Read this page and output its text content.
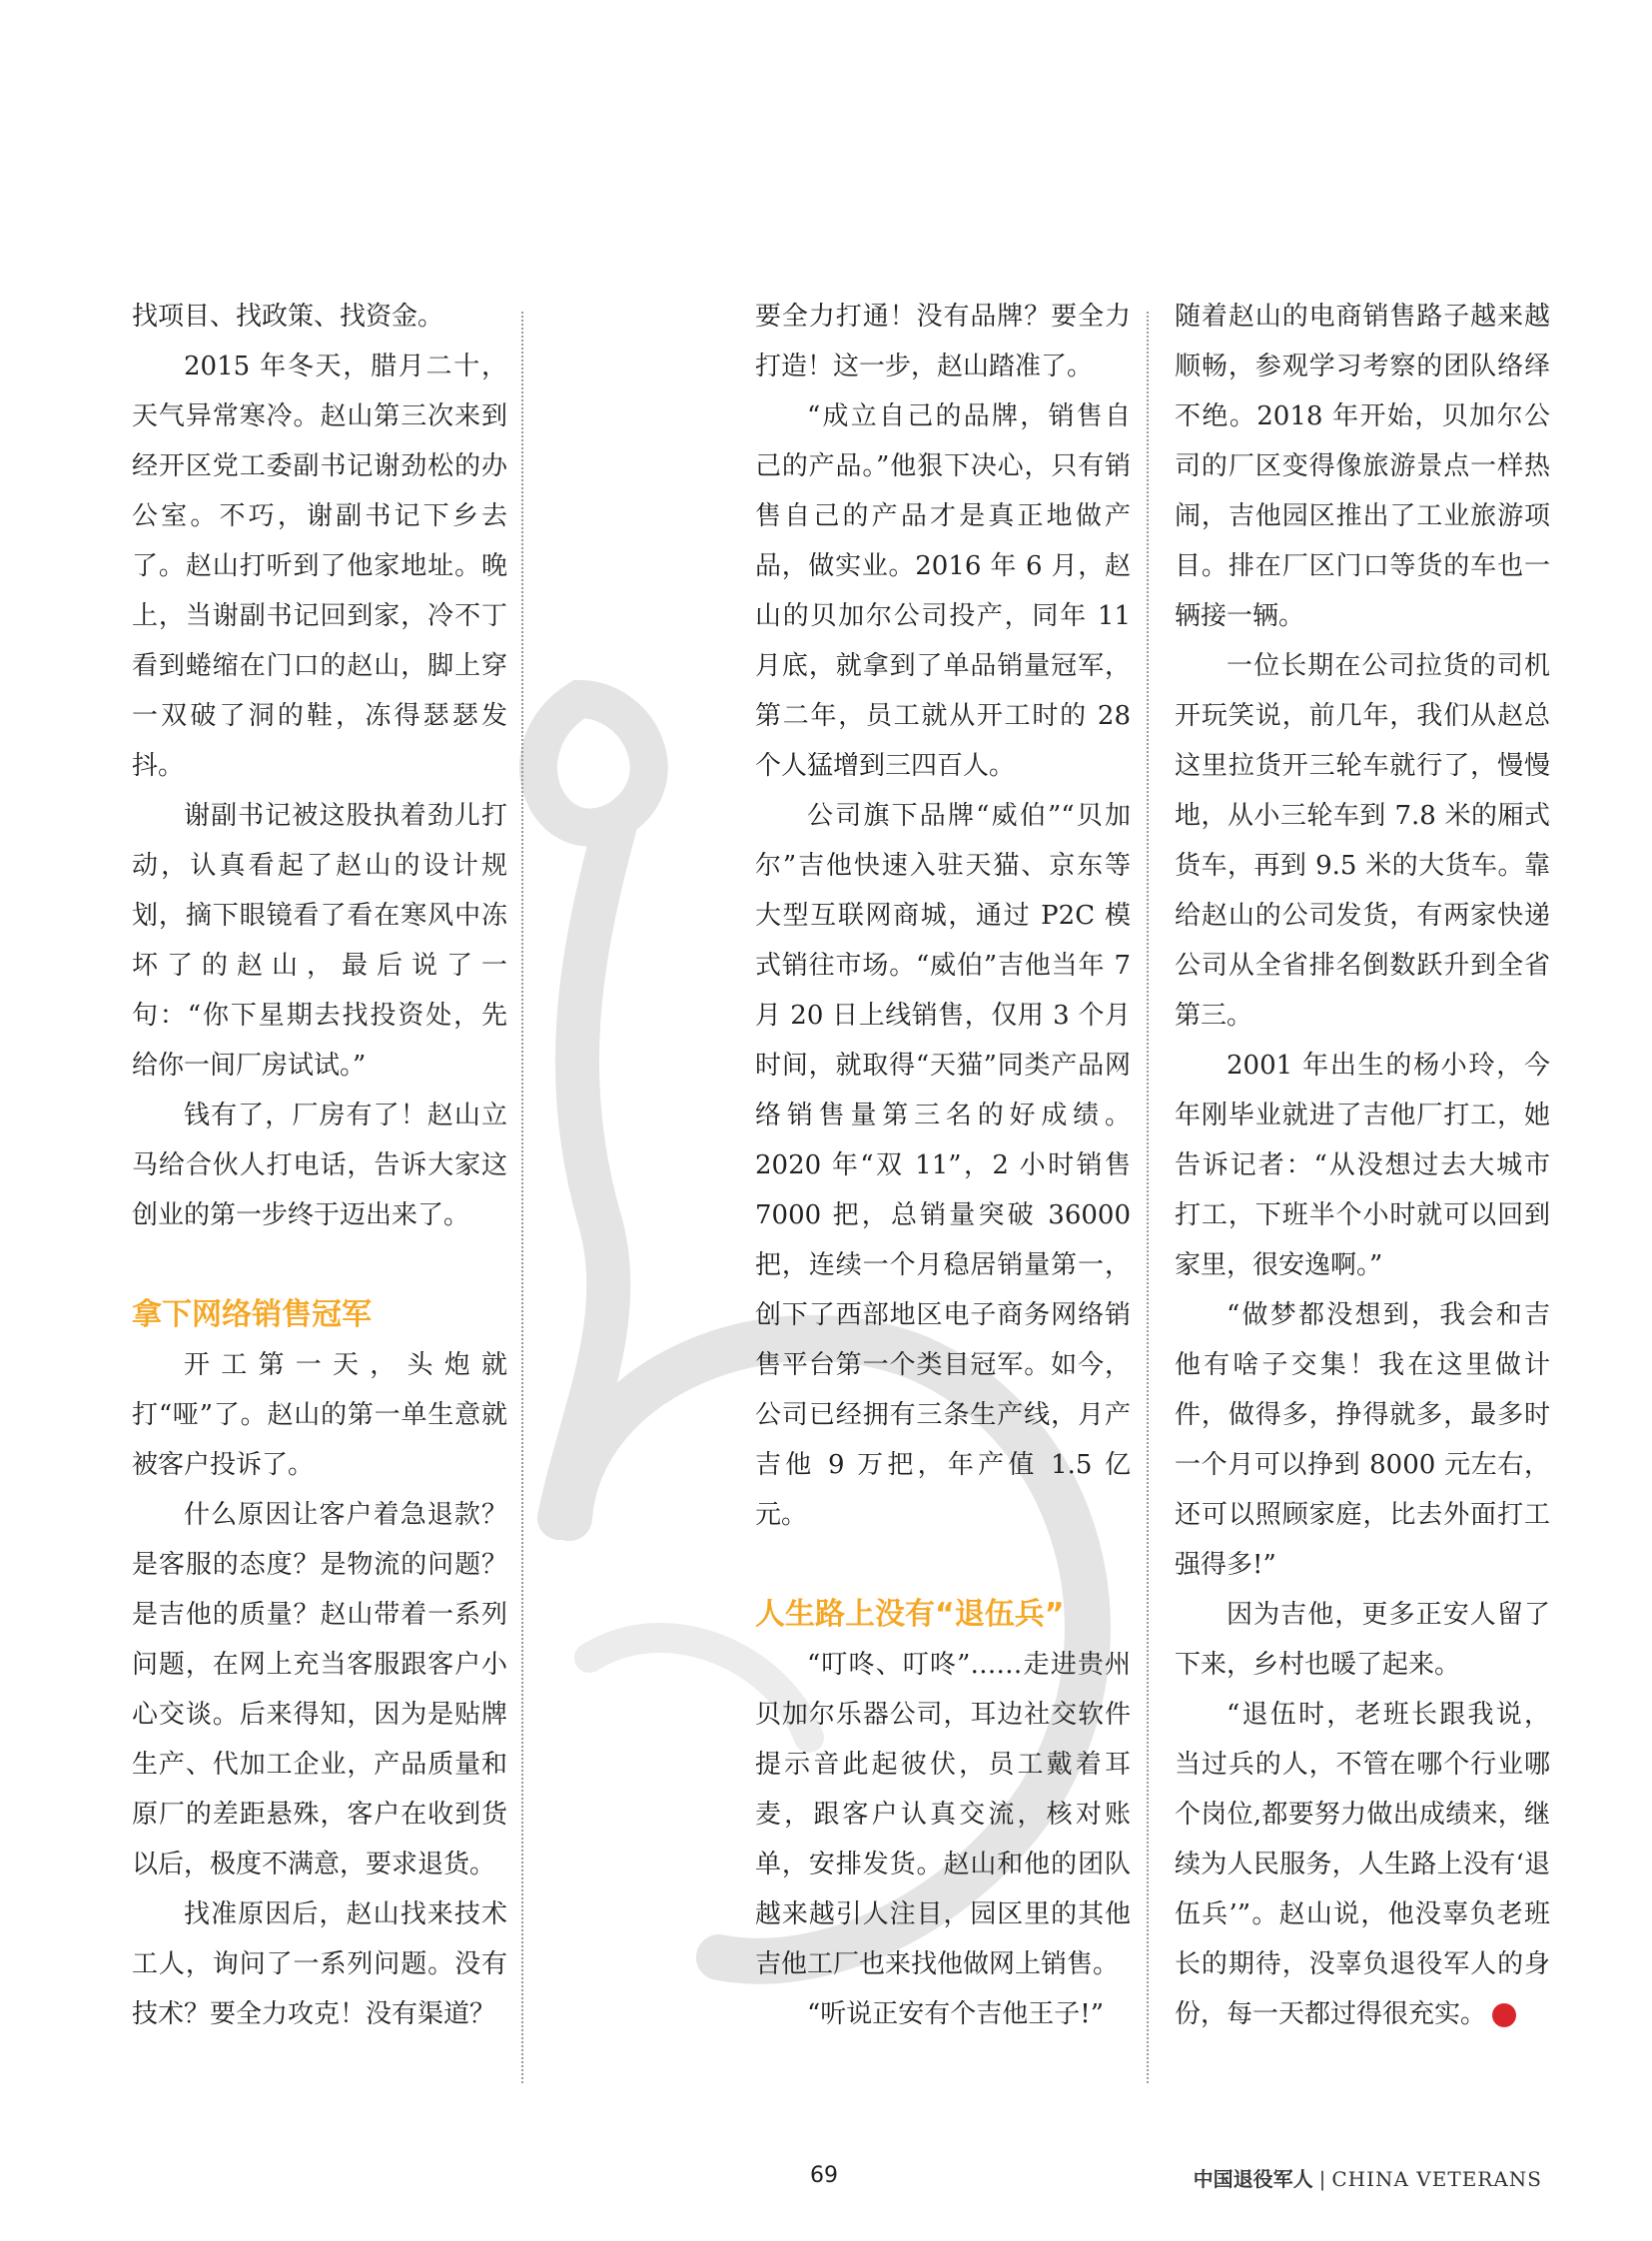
找项目、找政策、找资金。

2015 年冬天，腊月二十，天气异常寒冷。赵山第三次来到经开区党工委副书记谢劲松的办公室。不巧，谢副书记下乡去了。赵山打听到了他家地址。晚上，当谢副书记回到家，冷不丁看到蜷缩在门口的赵山，脚上穿一双破了洞的鞋，冻得瑟瑟发抖。

谢副书记被这股执着劲儿打动，认真看起了赵山的设计规划，摘下眼镜看了看在寒风中冻坏了的赵山，最后说了一句：“你下星期去找投资处，先给你一间厂房试试。”

钱有了，厂房有了！赵山立马给合伙人打电话，告诉大家这创业的第一步终于迈出来了。

拿下网络销售冠军

开工第一天，头炮就打“哑”了。赵山的第一单生意就被客户投诉了。

什么原因让客户着急退款？是客服的态度？是物流的问题？是吉他的质量？赵山带着一系列问题，在网上充当客服跟客户小心交谈。后来得知，因为是贴牌生产、代加工企业，产品质量和原厂的差距悬殊，客户在收到货以后，极度不满意，要求退货。

找准原因后，赵山找来技术工人，询问了一系列问题。没有技术？要全力攻克！没有渠道？

要全力打通！没有品牌？要全力打造！这一步，赵山踏准了。

“成立自己的品牌，销售自己的产品。”他狠下决心，只有销售自己的产品才是真正地做产品，做实业。2016 年 6 月，赵山的贝加尔公司投产，同年 11 月底，就拿到了单品销量冠军，第二年，员工就从开工时的 28 个人猛增到三四百人。

公司旗下品牌“威伯”“贝加尔”吉他快速入驻天猫、京东等大型互联网商城，通过 P2C 模式销往市场。“威伯”吉他当年 7 月 20 日上线销售，仅用 3 个月时间，就取得“天猫”同类产品网络销售量第三名的好成绩。2020 年“双 11”，2 小时销售 7000 把，总销量突破 36000 把，连续一个月稳居销量第一，创下了西部地区电子商务网络销售平台第一个类目冠军。如今，公司已经拥有三条生产线，月产吉他 9 万把，年产值 1.5 亿元。

人生路上没有“退伍兵”

“叮咚、叮咚”……走进贵州贝加尔乐器公司，耳边社交软件提示音此起彼伏，员工戴着耳麦，跟客户认真交流，核对账单，安排发货。赵山和他的团队越来越引人注目，园区里的其他吉他工厂也来找他做网上销售。

“听说正安有个吉他王子!”

随着赵山的电商销售路子越来越顺畅，参观学习考察的团队络绎不绝。2018 年开始，贝加尔公司的厂区变得像旅游景点一样热闹，吉他园区推出了工业旅游项目。排在厂区门口等货的车也一辆接一辆。

一位长期在公司拉货的司机开玩笑说，前几年，我们从赵总这里拉货开三轮车就行了，慢慢地，从小三轮车到 7.8 米的厢式货车，再到 9.5 米的大货车。靠给赵山的公司发货，有两家快递公司从全省排名倒数跃升到全省第三。

2001 年出生的杨小玲，今年刚毕业就进了吉他厂打工，她告诉记者：“从没想过去大城市打工，下班半个小时就可以回到家里，很安逸啊。”

“做梦都没想到，我会和吉他有啥子交集！我在这里做计件，做得多，挣得就多，最多时一个月可以挣到 8000 元左右，还可以照顾家庭，比去外面打工强得多!”

因为吉他，更多正安人留了下来，乡村也暖了起来。

“退伍时，老班长跟我说，当过兵的人，不管在哪个行业哪个岗位,都要努力做出成绩来，继续为人民服务，人生路上没有‘退伍兵’”。赵山说，他没辜负老班长的期待，没辜负退役军人的身份，每一天都过得很充实。	V

69	中国退役军人 | CHINA VETERANS
